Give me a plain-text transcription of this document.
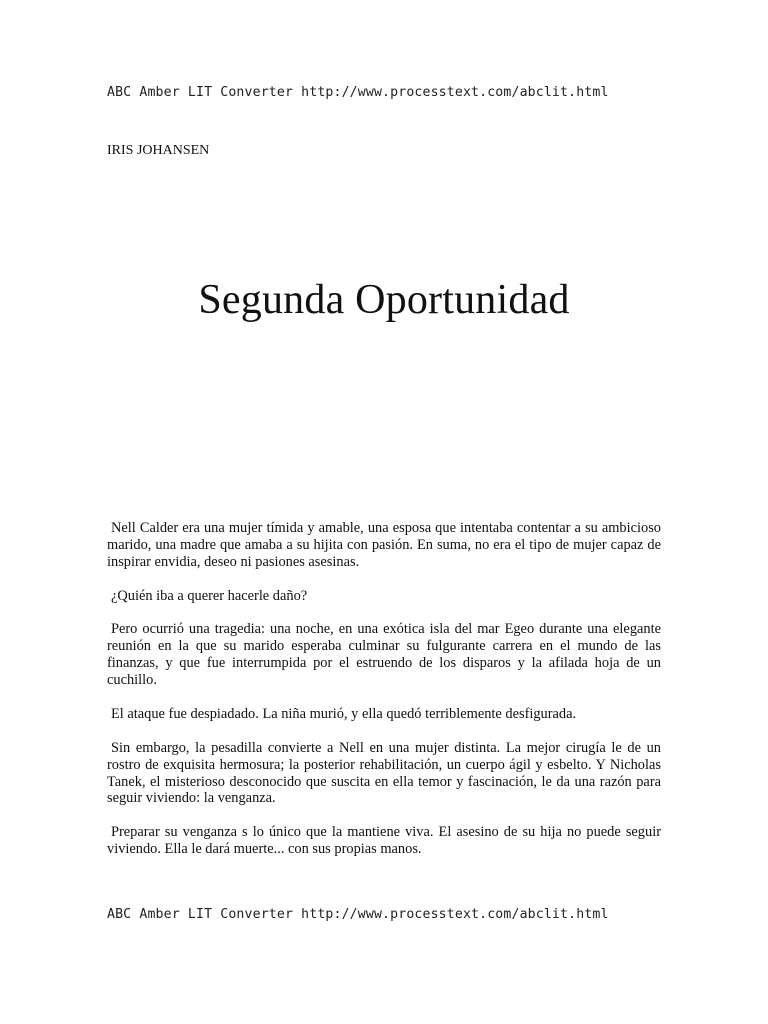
ABC Amber LIT Converter http://www.processtext.com/abclit.html
IRIS JOHANSEN
Segunda Oportunidad

Nell Calder era una mujer tímida y amable, una esposa que intentaba contentar a su ambicioso marido, una madre que amaba a su hijita con pasión. En suma, no era el tipo de mujer capaz de inspirar envidia, deseo ni pasiones asesinas.

¿Quién iba a querer hacerle daño?

Pero ocurrió una tragedia: una noche, en una exótica isla del mar Egeo durante una elegante reunión en la que su marido esperaba culminar su fulgurante carrera en el mundo de las finanzas, y que fue interrumpida por el estruendo de los disparos y la afilada hoja de un cuchillo.

El ataque fue despiadado. La niña murió, y ella quedó terriblemente desfigurada.

Sin embargo, la pesadilla convierte a Nell en una mujer distinta. La mejor cirugía le de un rostro de exquisita hermosura; la posterior rehabilitación, un cuerpo ágil y esbelto. Y Nicholas Tanek, el misterioso desconocido que suscita en ella temor y fascinación, le da una razón para seguir viviendo: la venganza.

Preparar su venganza s lo único que la mantiene viva. El asesino de su hija no puede seguir viviendo. Ella le dará muerte... con sus propias manos.

ABC Amber LIT Converter http://www.processtext.com/abclit.html
